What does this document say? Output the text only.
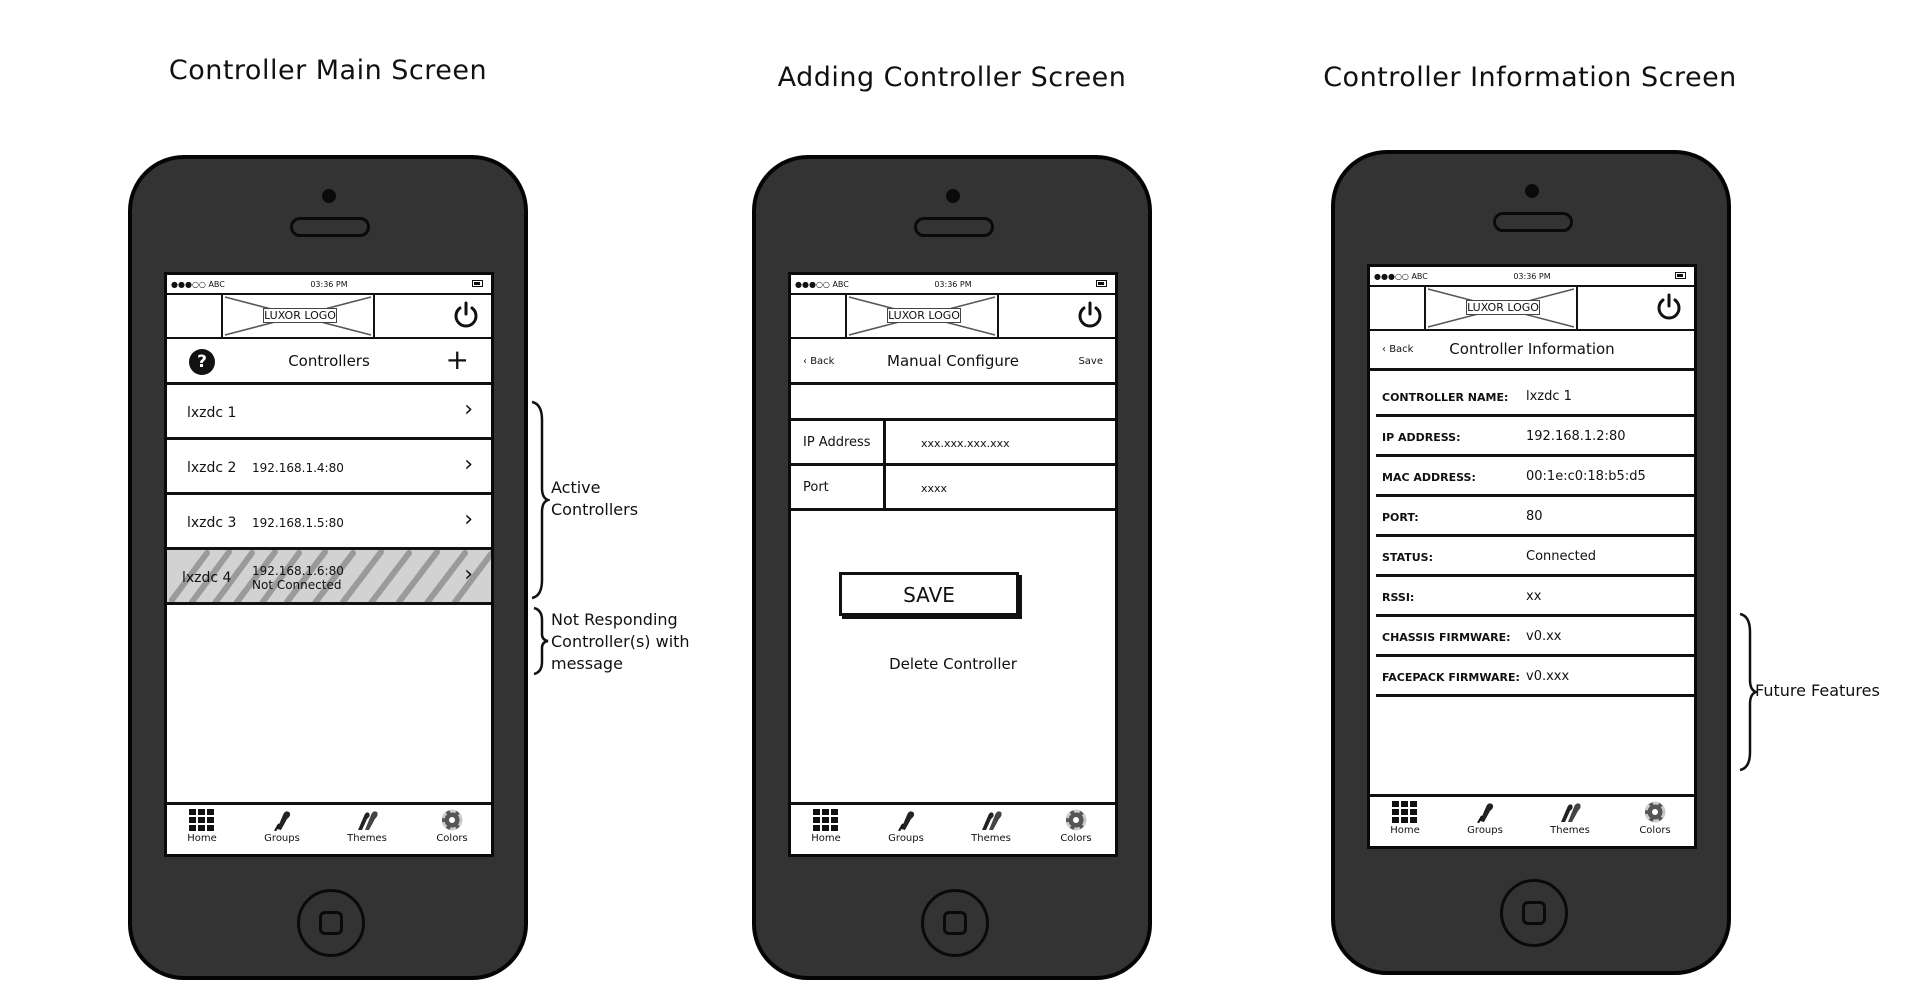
Controller Main Screen	Adding Controller Screen	Controller Information Screen
●●●○○ ABC	03:36 PM
LUXOR LOGO
?	Controllers	+
lxzdc 1	›
lxzdc 2 192.168.1.4:80	›
lxzdc 3 192.168.1.5:80	›
lxzdc 4 192.168.1.6:80
Not Connected	›
Home	Groups	Themes	Colors
●●●○○ ABC	03:36 PM
LUXOR LOGO
‹ Back	Manual Configure	Save
IP Address	xxx.xxx.xxx.xxx
Port	xxxx
SAVE
Delete Controller
Home	Groups	Themes	Colors
●●●○○ ABC	03:36 PM
LUXOR LOGO
‹ Back	Controller Information
CONTROLLER NAME: lxzdc 1
IP ADDRESS:	192.168.1.2:80
MAC ADDRESS:	00:1e:c0:18:b5:d5
PORT:	80
STATUS:	Connected
RSSI:	xx
CHASSIS FIRMWARE: v0.xx
FACEPACK FIRMWARE: v0.xxx
Home	Groups	Themes	Colors
Active
Controllers
Not Responding
Controller(s) with
message
Future Features
